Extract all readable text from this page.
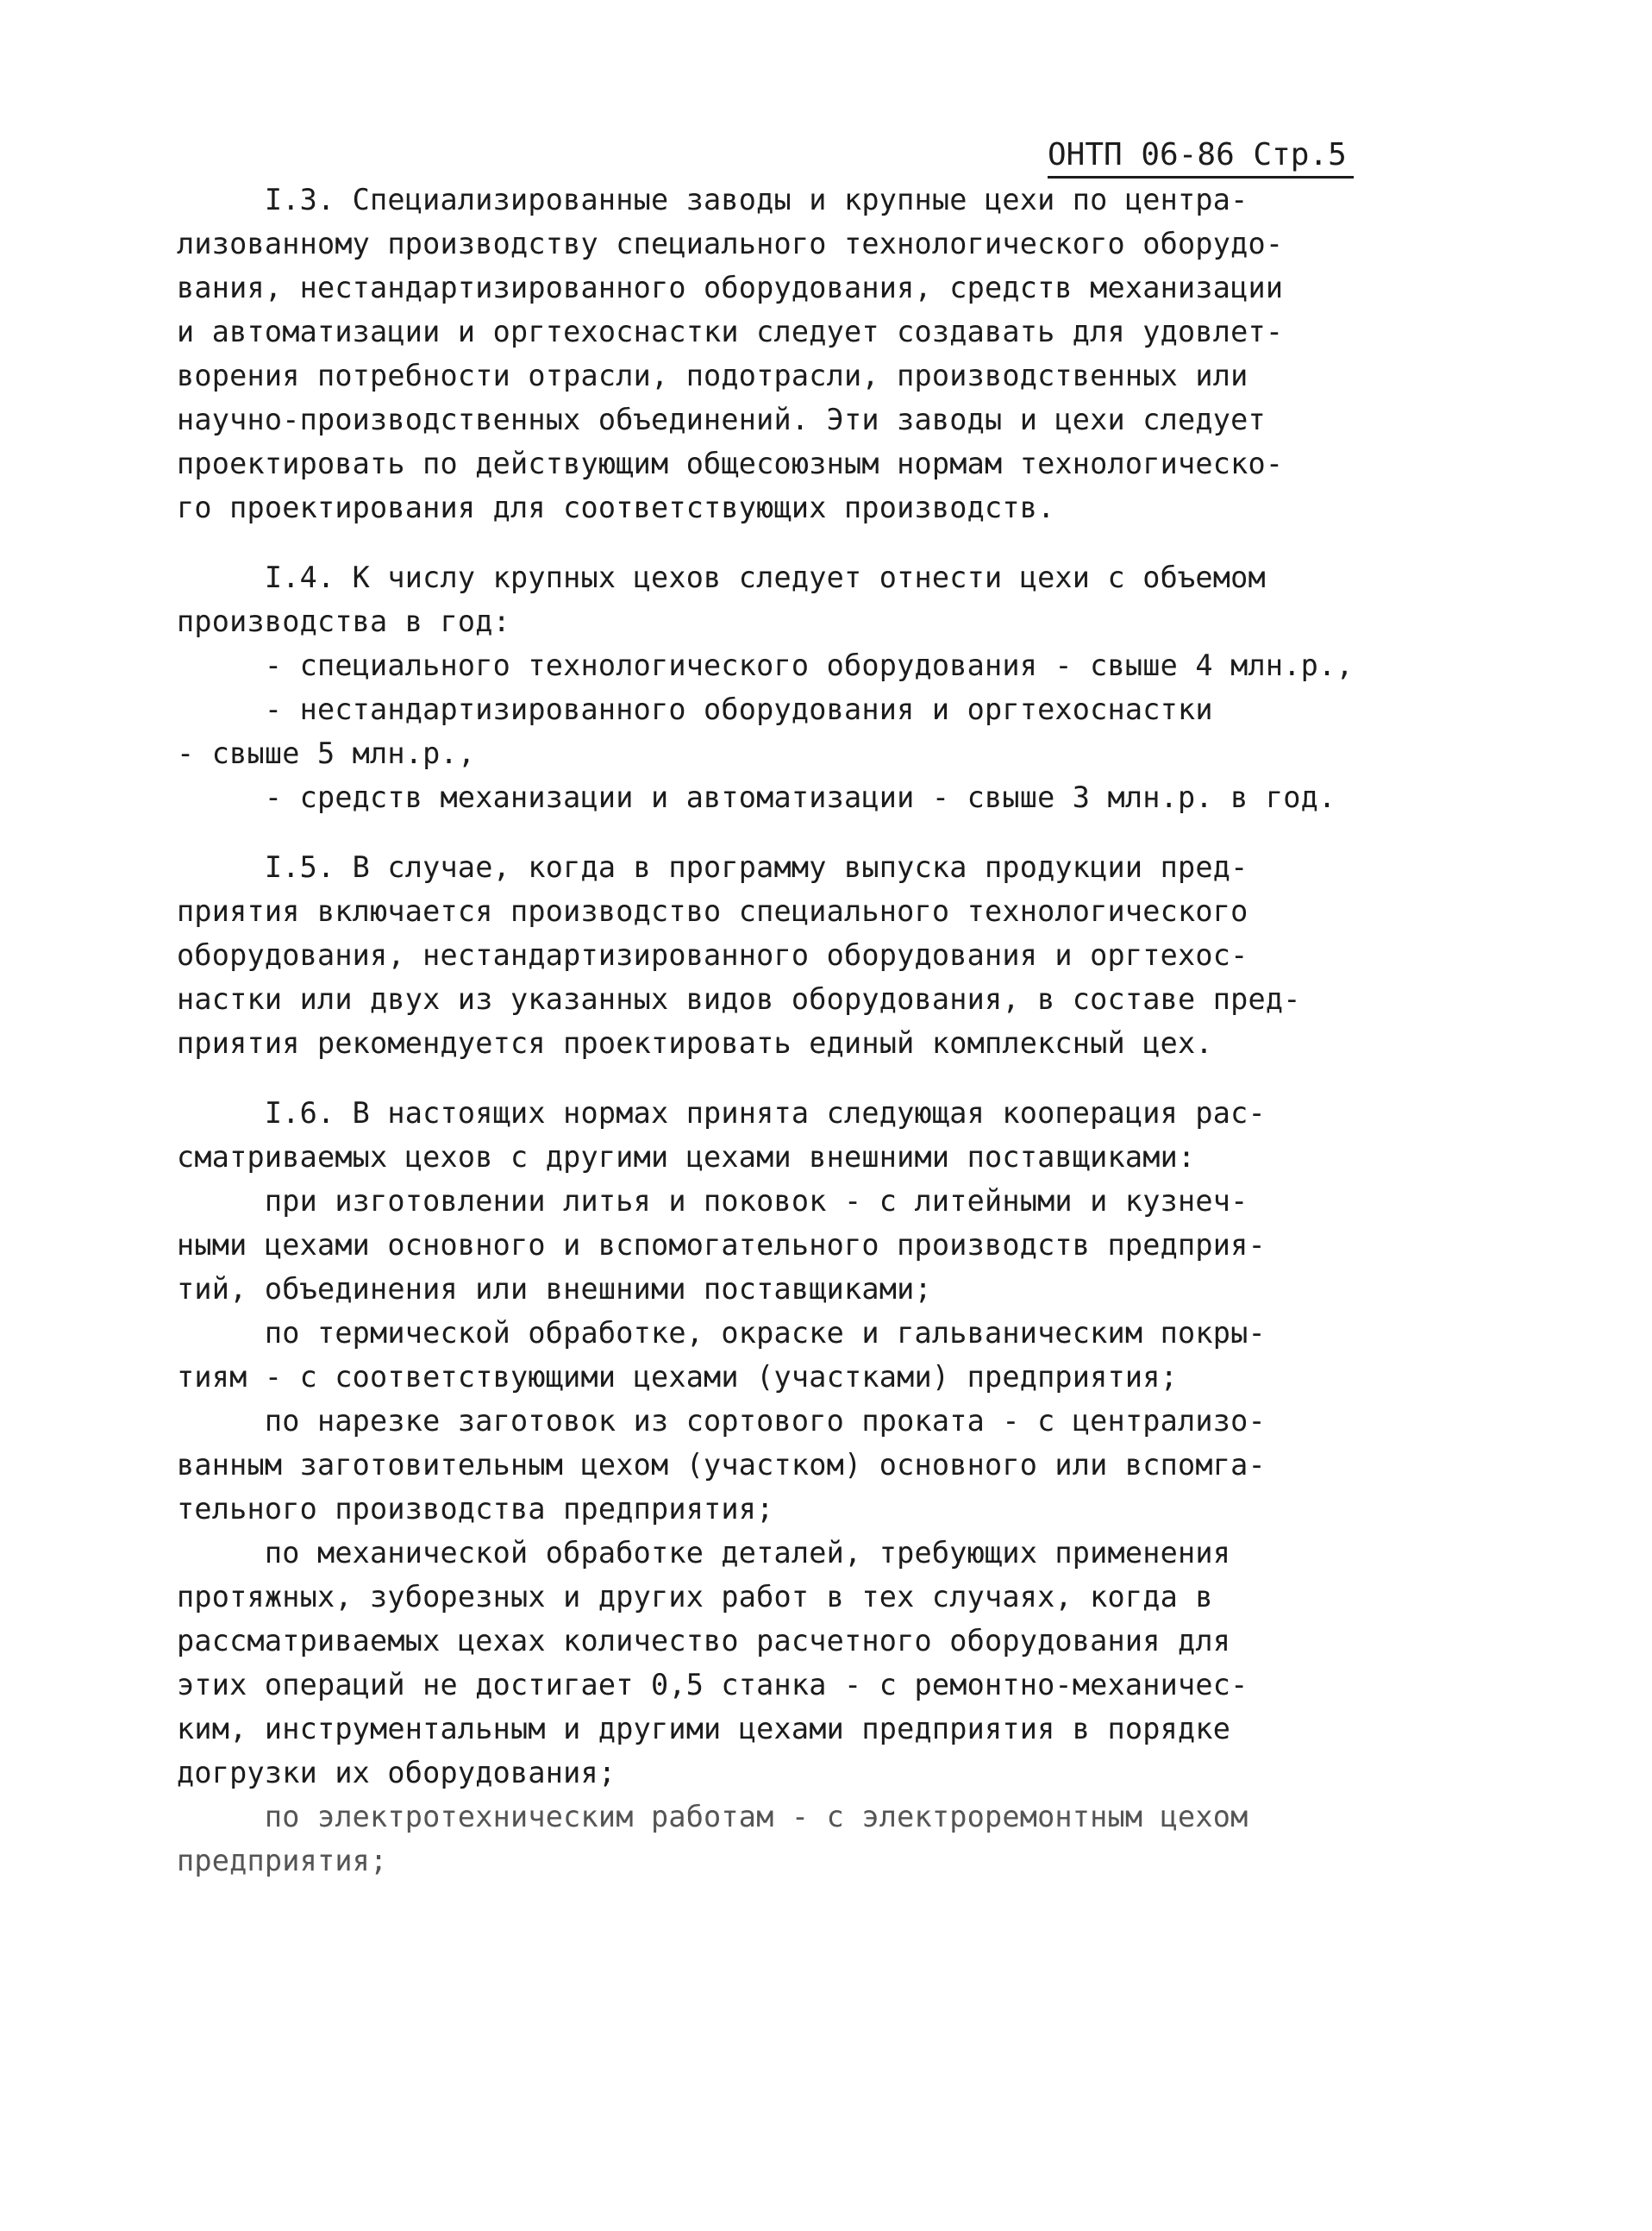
ОНТП 06-86 Стр.5
I.3. Специализированные заводы и крупные цехи по центра-
лизованному производству специального технологического оборудо-
вания, нестандартизированного оборудования, средств механизации
и автоматизации и оргтехоснастки следует создавать для удовлет-
ворения потребности отрасли, подотрасли, производственных или
научно-производственных объединений. Эти заводы и цехи следует
проектировать по действующим общесоюзным нормам технологическо-
го проектирования для соответствующих производств.
I.4. К числу крупных цехов следует отнести цехи с объемом
производства в год:
- специального технологического оборудования - свыше 4 млн.р.,
- нестандартизированного оборудования и оргтехоснастки
- свыше 5 млн.р.,
- средств механизации и автоматизации - свыше 3 млн.р. в год.
I.5. В случае, когда в программу выпуска продукции пред-
приятия включается производство специального технологического
оборудования, нестандартизированного оборудования и оргтехос-
настки или двух из указанных видов оборудования, в составе пред-
приятия рекомендуется проектировать единый комплексный цех.
I.6. В настоящих нормах принята следующая кооперация рас-
сматриваемых цехов с другими цехами внешними поставщиками:
при изготовлении литья и поковок - с литейными и кузнеч-
ными цехами основного и вспомогательного производств предприя-
тий, объединения или внешними поставщиками;
по термической обработке, окраске и гальваническим покры-
тиям - с соответствующими цехами (участками) предприятия;
по нарезке заготовок из сортового проката - с централизо-
ванным заготовительным цехом (участком) основного или вспомга-
тельного производства предприятия;
по механической обработке деталей, требующих применения
протяжных, зуборезных и других работ в тех случаях, когда в
рассматриваемых цехах количество расчетного оборудования для
этих операций не достигает 0,5 станка - с ремонтно-механичес-
ким, инструментальным и другими цехами предприятия в порядке
догрузки их оборудования;
по электротехническим работам - с электроремонтным цехом
предприятия;
